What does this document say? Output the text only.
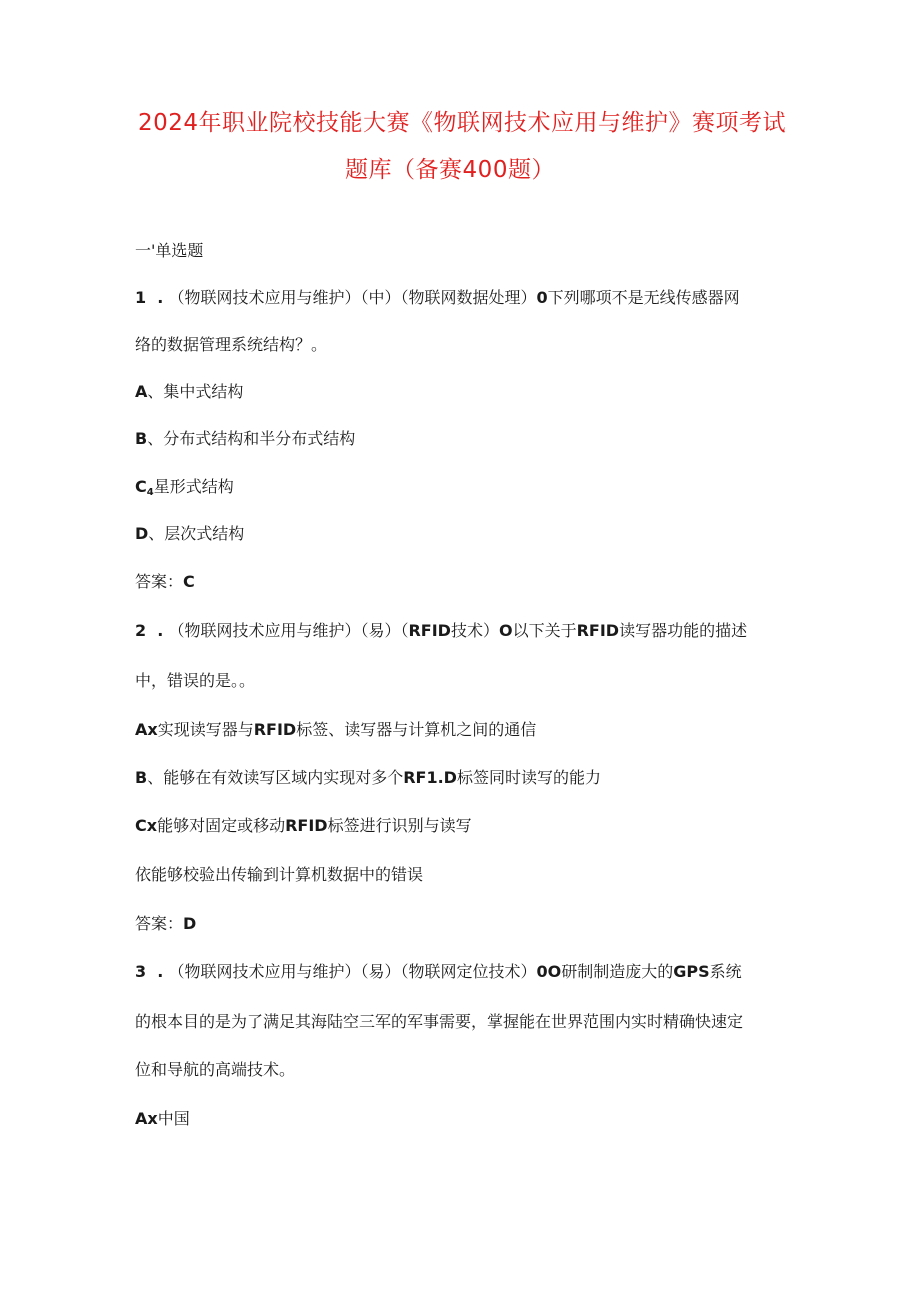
2024年职业院校技能大赛《物联网技术应用与维护》赛项考试
题库（备赛400题）
一'单选题
1  . （物联网技术应用与维护）（中）（物联网数据处理）0下列哪项不是无线传感器网
络的数据管理系统结构？。
A、集中式结构
B、分布式结构和半分布式结构
$C_4$星形式结构
D、层次式结构
答案：C
2  . （物联网技术应用与维护）（易）（RFID技术）O以下关于RFID读写器功能的描述
中，错误的是。。
Ax实现读写器与RFID标签、读写器与计算机之间的通信
B、能够在有效读写区域内实现对多个RF1.D标签同时读写的能力
Cx能够对固定或移动RFID标签进行识别与读写
依能够校验出传输到计算机数据中的错误
答案：D
3  . （物联网技术应用与维护）（易）（物联网定位技术）0O研制制造庞大的GPS系统
的根本目的是为了满足其海陆空三军的军事需要，掌握能在世界范围内实时精确快速定
位和导航的高端技术。
Ax中国
